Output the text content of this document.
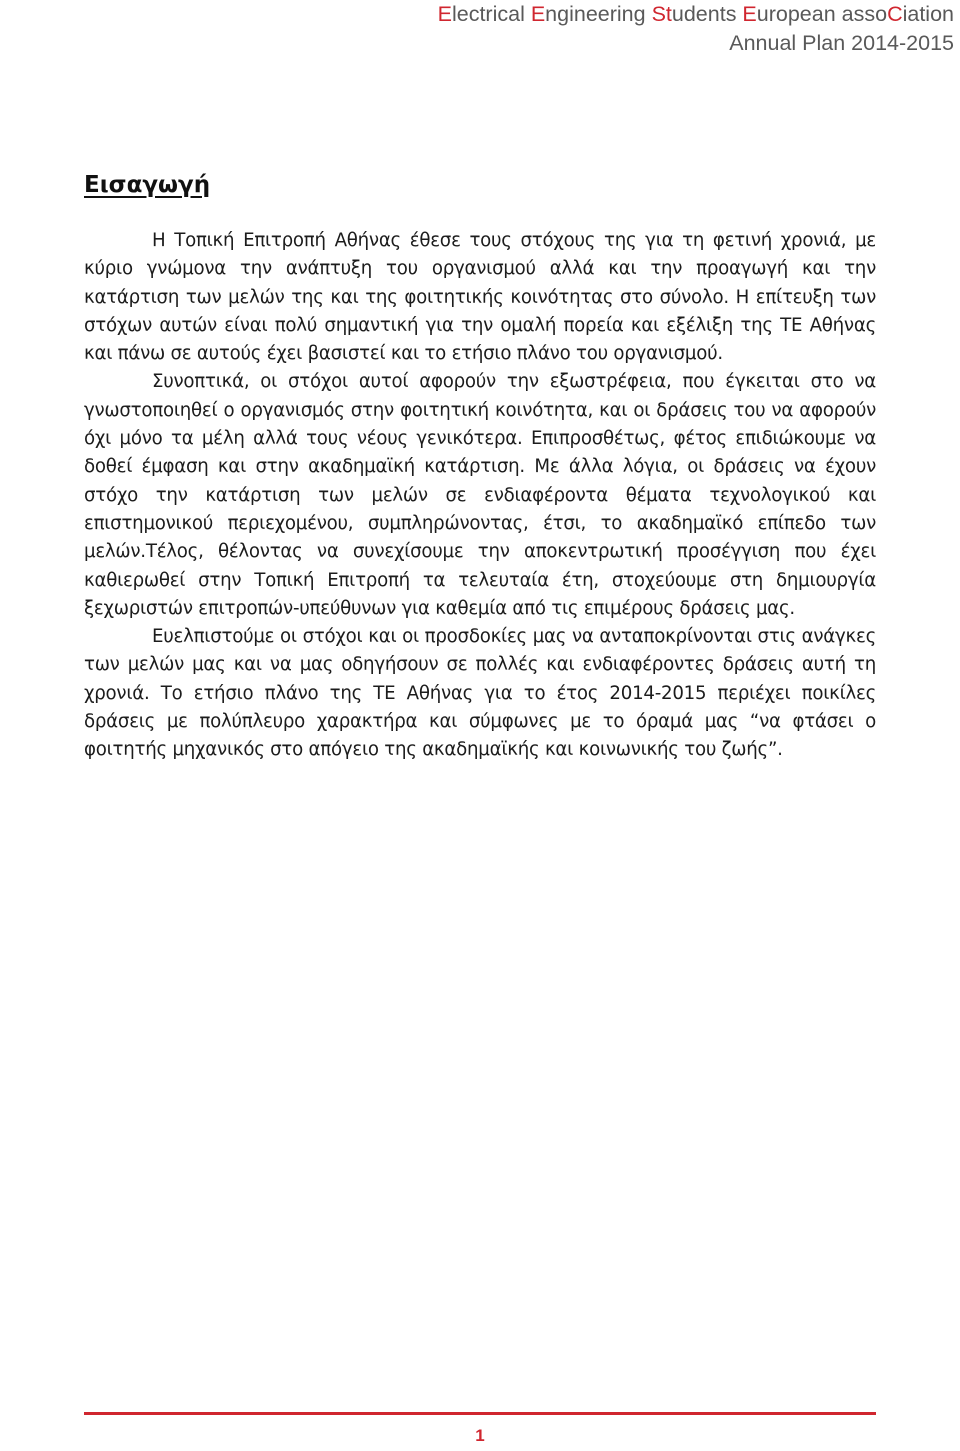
Electrical Engineering Students European assoCiation
Annual Plan 2014-2015
Εισαγωγή

Η Τοπική Επιτροπή Αθήνας έθεσε τους στόχους της για τη φετινή χρονιά, με κύριο γνώμονα την ανάπτυξη του οργανισμού αλλά και την προαγωγή και την κατάρτιση των μελών της και της φοιτητικής κοινότητας στο σύνολο. Η επίτευξη των στόχων αυτών είναι πολύ σημαντική για την ομαλή πορεία και εξέλιξη της ΤΕ Αθήνας και πάνω σε αυτούς έχει βασιστεί και το ετήσιο πλάνο του οργανισμού.

Συνοπτικά, οι στόχοι αυτοί αφορούν την εξωστρέφεια, που έγκειται στο να γνωστοποιηθεί ο οργανισμός στην φοιτητική κοινότητα, και οι δράσεις του να αφορούν όχι μόνο τα μέλη αλλά τους νέους γενικότερα. Επιπροσθέτως, φέτος επιδιώκουμε να δοθεί έμφαση και στην ακαδημαϊκή κατάρτιση. Με άλλα λόγια, οι δράσεις να έχουν στόχο την κατάρτιση των μελών σε ενδιαφέροντα θέματα τεχνολογικού και επιστημονικού περιεχομένου, συμπληρώνοντας, έτσι, το ακαδημαϊκό επίπεδο των μελών.Τέλος, θέλοντας να συνεχίσουμε την αποκεντρωτική προσέγγιση που έχει καθιερωθεί στην Τοπική Επιτροπή τα τελευταία έτη, στοχεύουμε στη δημιουργία ξεχωριστών επιτροπών-υπεύθυνων για καθεμία από τις επιμέρους δράσεις μας.

Ευελπιστούμε οι στόχοι και οι προσδοκίες μας να ανταποκρίνονται στις ανάγκες των μελών μας και να μας οδηγήσουν σε πολλές και ενδιαφέροντες δράσεις αυτή τη χρονιά. Το ετήσιο πλάνο της ΤΕ Αθήνας για το έτος 2014-2015 περιέχει ποικίλες δράσεις με πολύπλευρο χαρακτήρα και σύμφωνες με το όραμά μας “να φτάσει ο φοιτητής μηχανικός στο απόγειο της ακαδημαϊκής και κοινωνικής του ζωής”.

1
